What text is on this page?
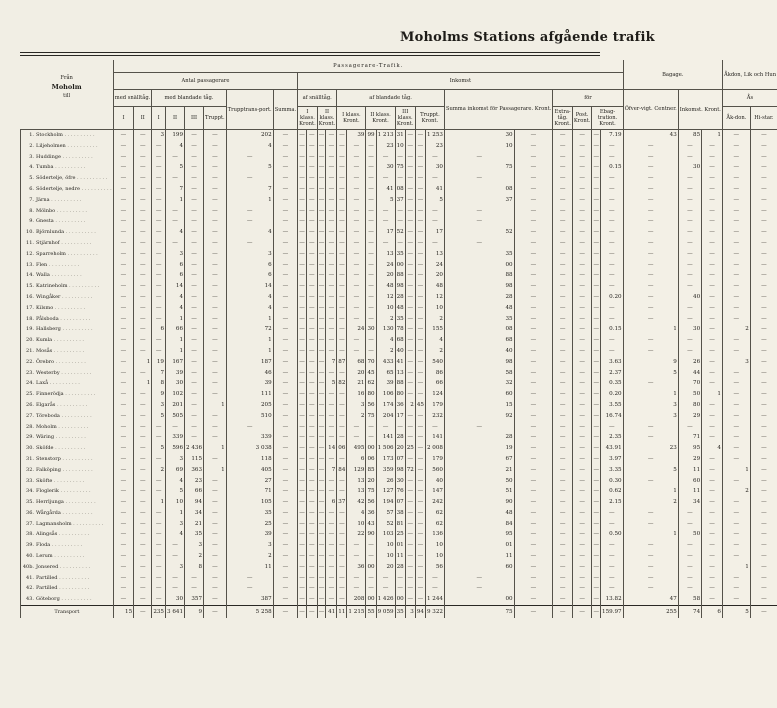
Moholms Stations afgående trafik
Från
Moholm
till	Passagerare-Trafik.																										Bagage.			Åkdon, Lik och Hun	
	Antal passagerare								Inkomst																						
	med snälltåg.		med blandade tåg.				Trupptrans-port.	Summa.	af snälltåg.				af blandade tåg.								Summa inkomst för Passagerare. Kront.		för				Öfver-vigt. Centner.	Inkomst. Kront.		Ås	
	I	II	I	II	III	Truppt.			I klass. Kront.		II klass. Kront.		I klass. Kront.		II klass. Kront.		III klass. Kront.		Truppt. Kront.				Extra-tåg. Kront.	Post. Kront.	Ebag-tration. Kront.					Åk-don.	Hi-star.
1. Stockholm . . . . . . . . . .	—	—	3	199	—	—	202	—	—	—	—	—	—	39	99	1 213	31	—	—	1 253	30	—	—	—	—	7.19	43	85	1	—	—
2. Liljeholmen . . . . . . . . . .	—	—	—	4	—	—	4	—	—	—	—	—	—	—	—	23	10	—	—	23	10	—	—	—	—	—	—	—	—	—	—
3. Huddinge . . . . . . . . . .	—	—	—	—	—	—	—	—	—	—	—	—	—	—	—	—	—	—	—	—	—	—	—	—	—	—	—	—	—	—	—
4. Tumba . . . . . . . . . .	—	—	—	5	—	—	5	—	—	—	—	—	—	—	—	30	75	—	—	30	75	—	—	—	—	0.15	—	30	—	—	—
5. Södertelje, öfre . . . . . . . . . .	—	—	—	—	—	—	—	—	—	—	—	—	—	—	—	—	—	—	—	—	—	—	—	—	—	—	—	—	—	—	—
6. Södertelje, nedre . . . . . . . . . .	—	—	—	7	—	—	7	—	—	—	—	—	—	—	—	41	08	—	—	41	08	—	—	—	—	—	—	—	—	—	—
7. Järna . . . . . . . . . .	—	—	—	1	—	—	1	—	—	—	—	—	—	—	—	5	37	—	—	5	37	—	—	—	—	—	—	—	—	—	—
8. Mölnbo . . . . . . . . . .	—	—	—	—	—	—	—	—	—	—	—	—	—	—	—	—	—	—	—	—	—	—	—	—	—	—	—	—	—	—	—
9. Gnesta . . . . . . . . . .	—	—	—	—	—	—	—	—	—	—	—	—	—	—	—	—	—	—	—	—	—	—	—	—	—	—	—	—	—	—	—
10. Björnlunda . . . . . . . . . .	—	—	—	4	—	—	4	—	—	—	—	—	—	—	—	17	52	—	—	17	52	—	—	—	—	—	—	—	—	—	—
11. Stjärnhof . . . . . . . . . .	—	—	—	—	—	—	—	—	—	—	—	—	—	—	—	—	—	—	—	—	—	—	—	—	—	—	—	—	—	—	—
12. Sparreholm . . . . . . . . . .	—	—	—	3	—	—	3	—	—	—	—	—	—	—	—	13	35	—	—	13	35	—	—	—	—	—	—	—	—	—	—
13. Flen . . . . . . . . . .	—	—	—	6	—	—	6	—	—	—	—	—	—	—	—	24	00	—	—	24	00	—	—	—	—	—	—	—	—	—	—
14. Walla . . . . . . . . . .	—	—	—	6	—	—	6	—	—	—	—	—	—	—	—	20	88	—	—	20	88	—	—	—	—	—	—	—	—	—	—
15. Katrineholm . . . . . . . . . .	—	—	—	14	—	—	14	—	—	—	—	—	—	—	—	48	98	—	—	48	98	—	—	—	—	—	—	—	—	—	—
16. Wingåker . . . . . . . . . .	—	—	—	4	—	—	4	—	—	—	—	—	—	—	—	12	28	—	—	12	28	—	—	—	—	0.20	—	40	—	—	—
17. Kilsmo . . . . . . . . . .	—	—	—	4	—	—	4	—	—	—	—	—	—	—	—	10	48	—	—	10	48	—	—	—	—	—	—	—	—	—	—
18. Pålsboda . . . . . . . . . .	—	—	—	1	—	—	1	—	—	—	—	—	—	—	—	2	35	—	—	2	35	—	—	—	—	—	—	—	—	—	—
19. Hallsberg . . . . . . . . . .	—	—	6	66	—	—	72	—	—	—	—	—	—	24	30	130	78	—	—	155	08	—	—	—	—	0.15	1	30	—	2	—
20. Kumla . . . . . . . . . .	—	—	—	1	—	—	1	—	—	—	—	—	—	—	—	4	68	—	—	4	68	—	—	—	—	—	—	—	—	—	—
21. Mosås . . . . . . . . . .	—	—	—	1	—	—	1	—	—	—	—	—	—	—	—	2	40	—	—	2	40	—	—	—	—	—	—	—	—	—	—
22. Örebro . . . . . . . . . .	—	1	19	167	—	—	187	—	—	—	—	7	87	68	70	433	41	—	—	540	98	—	—	—	—	3.63	9	26	—	3	—
23. Westerby . . . . . . . . . .	—	—	7	39	—	—	46	—	—	—	—	—	—	20	45	65	13	—	—	86	58	—	—	—	—	2.37	5	44	—	—	—
24. Laxå . . . . . . . . . .	—	1	8	30	—	—	39	—	—	—	—	5	82	21	62	39	88	—	—	66	32	—	—	—	—	0.35	—	70	—	—	—
25. Finnerödja . . . . . . . . . .	—	—	9	102	—	—	111	—	—	—	—	—	—	16	80	106	80	—	—	124	60	—	—	—	—	0.20	1	50	1	—	—
26. Elgarås . . . . . . . . . .	—	—	3	201	—	1	205	—	—	—	—	—	—	3	56	174	36	2	45	179	15	—	—	—	—	3.55	3	80	—	—	—
27. Töreboda . . . . . . . . . .	—	—	5	505	—	—	510	—	—	—	—	—	—	2	75	204	17	—	—	232	92	—	—	—	—	16.74	3	29	—	—	—
28. Moholm . . . . . . . . . .	—	—	—	—	—	—	—	—	—	—	—	—	—	—	—	—	—	—	—	—	—	—	—	—	—	—	—	—	—	—	—
29. Wäring . . . . . . . . . .	—	—	—	339	—	—	339	—	—	—	—	—	—	—	—	141	28	—	—	141	28	—	—	—	—	2.35	—	71	—	—	—
30. Sköfde . . . . . . . . . .	—	—	5	596	2 436	1	3 038	—	—	—	—	14	06	495	00	1 506	20	25	—	2 008	19	—	—	—	—	43.91	23	95	4	—	—
31. Stenstorp . . . . . . . . . .	—	—	—	3	115	—	118	—	—	—	—	—	—	6	06	173	07	—	—	179	67	—	—	—	—	3.97	—	29	—	—	—
32. Falköping . . . . . . . . . .	—	—	2	69	363	1	405	—	—	—	—	7	84	129	85	359	98	72	—	560	21	—	—	—	—	3.35	5	11	—	1	—
33. Sköfte . . . . . . . . . .	—	—	—	4	23	—	27	—	—	—	—	—	—	13	20	26	30	—	—	40	50	—	—	—	—	0.30	—	60	—	—	—
34. Floglerik . . . . . . . . . .	—	—	—	5	66	—	71	—	—	—	—	—	—	13	75	127	76	—	—	147	51	—	—	—	—	0.62	1	11	—	2	—
35. Herrljunga . . . . . . . . . .	—	—	1	10	94	—	105	—	—	—	—	6	37	42	56	194	07	—	—	242	90	—	—	—	—	2.15	2	34	—	—	—
36. Wårgårda . . . . . . . . . .	—	—	—	1	34	—	35	—	—	—	—	—	—	4	36	57	38	—	—	62	48	—	—	—	—	—	—	—	—	—	—
37. Lagmansholm . . . . . . . . . .	—	—	—	3	21	—	25	—	—	—	—	—	—	10	43	52	81	—	—	62	84	—	—	—	—	—	—	—	—	—	—
38. Alingsås . . . . . . . . . .	—	—	—	4	35	—	39	—	—	—	—	—	—	22	90	103	25	—	—	136	95	—	—	—	—	0.50	1	50	—	—	—
39. Floda . . . . . . . . . .	—	—	—	—	3	—	3	—	—	—	—	—	—	—	—	10	01	—	—	10	01	—	—	—	—	—	—	—	—	—	—
40. Lerum . . . . . . . . . .	—	—	—	—	2	—	2	—	—	—	—	—	—	—	—	10	11	—	—	10	11	—	—	—	—	—	—	—	—	—	—
40b. Jonsered . . . . . . . . . .	—	—	—	3	8	—	11	—	—	—	—	—	—	36	00	20	28	—	—	56	60	—	—	—	—	—	—	—	—	1	—
41. Partilled . . . . . . . . . .	—	—	—	—	—	—	—	—	—	—	—	—	—	—	—	—	—	—	—	—	—	—	—	—	—	—	—	—	—	—	—
42. Partilled . . . . . . . . . .	—	—	—	—	—	—	—	—	—	—	—	—	—	—	—	—	—	—	—	—	—	—	—	—	—	—	—	—	—	—	—
43. Göteborg . . . . . . . . . .	—	—	—	30	357	—	387	—	—	—	—	—	—	208	00	1 426	00	—	—	1 244	00	—	—	—	—	13.82	47	58	—	—	—
Transport	15	—	235	3 641	9	—	5 258	—	—	—	—	41	11	1 215	55	9 059	35	3	94	9 322	75	—	—	—	—	159.97	255	74	6	5	—
